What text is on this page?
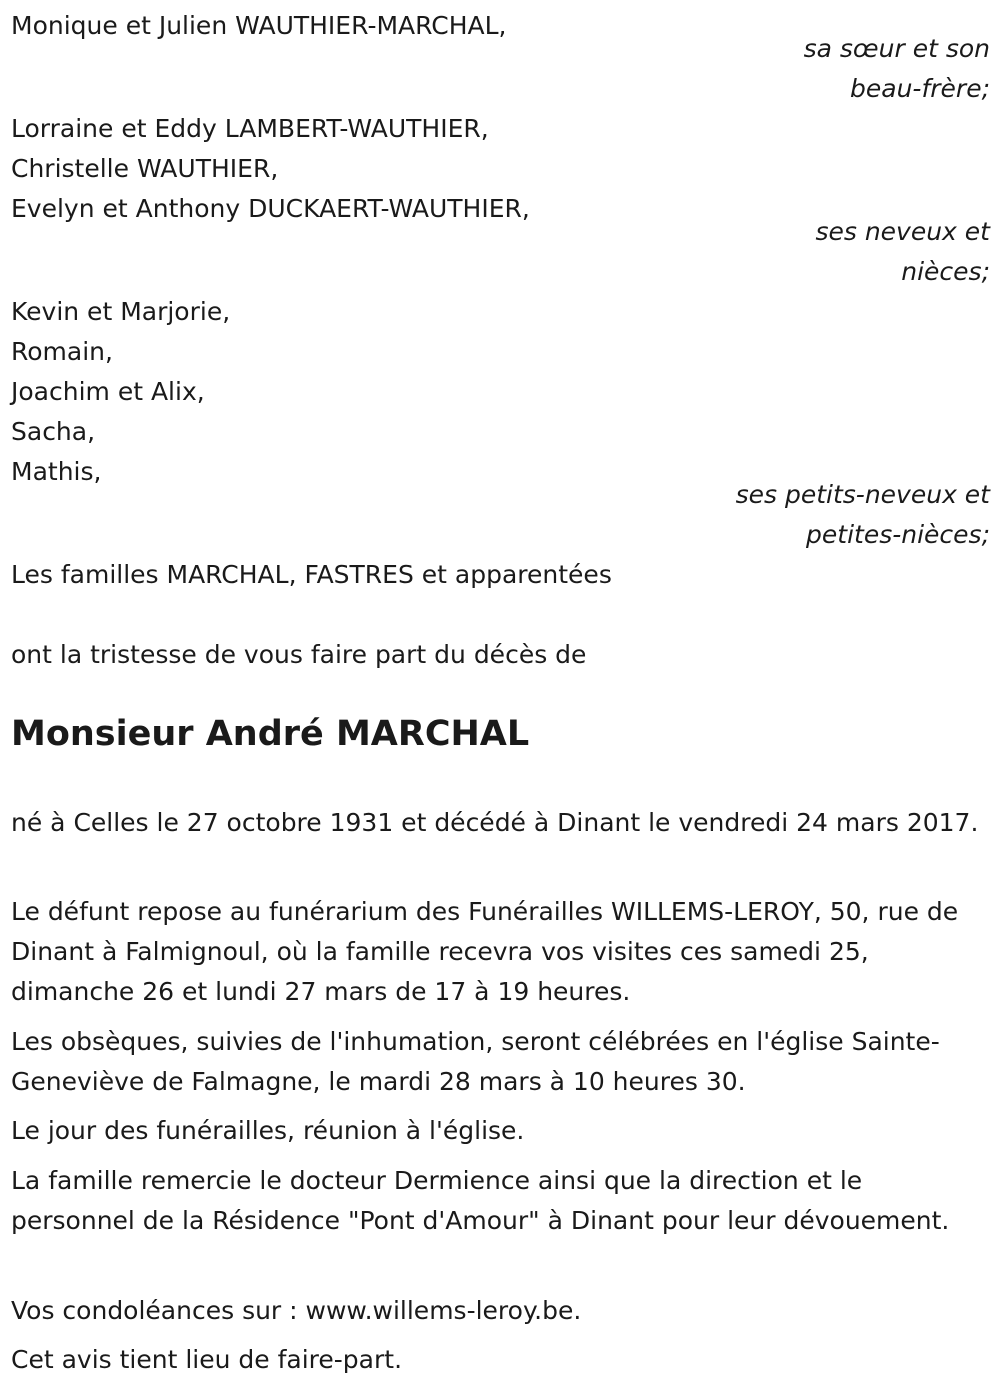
Monique et Julien WAUTHIER-MARCHAL,
sa sœur et son
beau-frère;
Lorraine et Eddy LAMBERT-WAUTHIER,
Christelle WAUTHIER,
Evelyn et Anthony DUCKAERT-WAUTHIER,
ses neveux et
nièces;
Kevin et Marjorie,
Romain,
Joachim et Alix,
Sacha,
Mathis,
ses petits-neveux et
petites-nièces;
Les familles MARCHAL, FASTRES et apparentées
ont la tristesse de vous faire part du décès de
Monsieur André MARCHAL
né à Celles le 27 octobre 1931 et décédé à Dinant le vendredi 24 mars 2017.
Le défunt repose au funérarium des Funérailles WILLEMS-LEROY, 50, rue de Dinant à Falmignoul, où la famille recevra vos visites ces samedi 25, dimanche 26 et lundi 27 mars de 17 à 19 heures.
Les obsèques, suivies de l'inhumation, seront célébrées en l'église Sainte-Geneviève de Falmagne, le mardi 28 mars à 10 heures 30.
Le jour des funérailles, réunion à l'église.
La famille remercie le docteur Dermience ainsi que la direction et le personnel de la Résidence "Pont d'Amour" à Dinant pour leur dévouement.
Vos condoléances sur : www.willems-leroy.be.
Cet avis tient lieu de faire-part.
